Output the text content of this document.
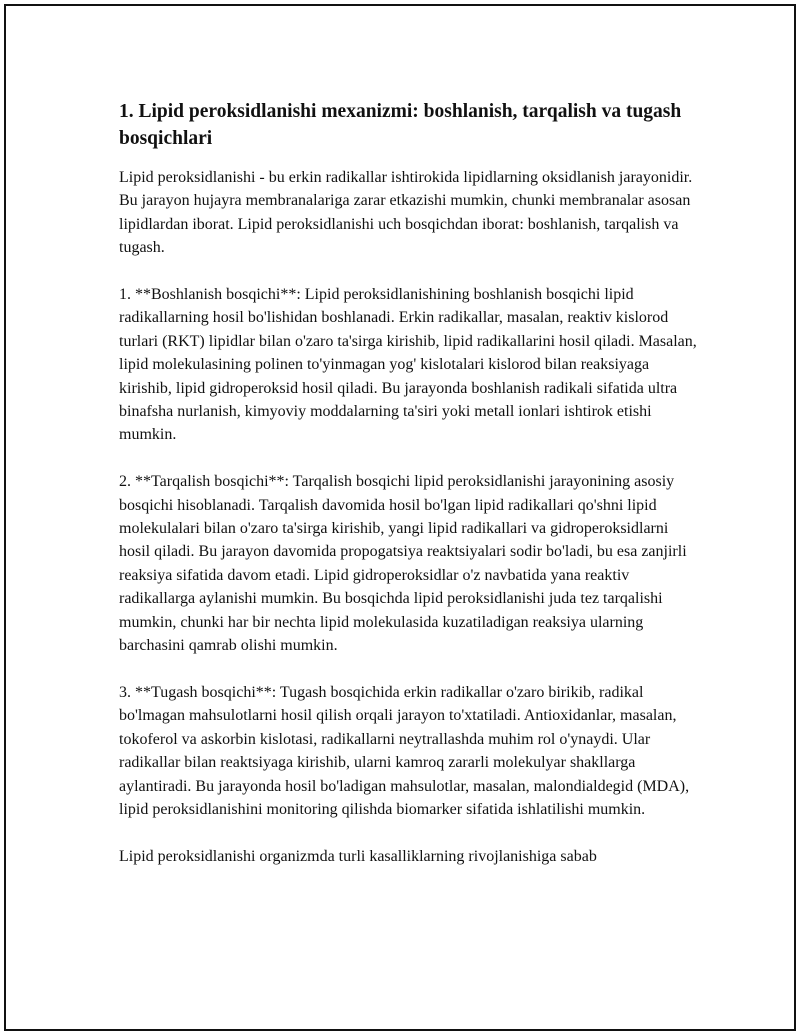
1. Lipid peroksidlanishi mexanizmi: boshlanish, tarqalish va tugash bosqichlari

Lipid peroksidlanishi - bu erkin radikallar ishtirokida lipidlarning oksidlanish jarayonidir. Bu jarayon hujayra membranalariga zarar etkazishi mumkin, chunki membranalar asosan lipidlardan iborat. Lipid peroksidlanishi uch bosqichdan iborat: boshlanish, tarqalish va tugash.

1. **Boshlanish bosqichi**: Lipid peroksidlanishining boshlanish bosqichi lipid radikallarning hosil bo'lishidan boshlanadi. Erkin radikallar, masalan, reaktiv kislorod turlari (RKT) lipidlar bilan o'zaro ta'sirga kirishib, lipid radikallarini hosil qiladi. Masalan, lipid molekulasining polinen to'yinmagan yog' kislotalari kislorod bilan reaksiyaga kirishib, lipid gidroperoksid hosil qiladi. Bu jarayonda boshlanish radikali sifatida ultra binafsha nurlanish, kimyoviy moddalarning ta'siri yoki metall ionlari ishtirok etishi mumkin.

2. **Tarqalish bosqichi**: Tarqalish bosqichi lipid peroksidlanishi jarayonining asosiy bosqichi hisoblanadi. Tarqalish davomida hosil bo'lgan lipid radikallari qo'shni lipid molekulalari bilan o'zaro ta'sirga kirishib, yangi lipid radikallari va gidroperoksidlarni hosil qiladi. Bu jarayon davomida propogatsiya reaktsiyalari sodir bo'ladi, bu esa zanjirli reaksiya sifatida davom etadi. Lipid gidroperoksidlar o'z navbatida yana reaktiv radikallarga aylanishi mumkin. Bu bosqichda lipid peroksidlanishi juda tez tarqalishi mumkin, chunki har bir nechta lipid molekulasida kuzatiladigan reaksiya ularning barchasini qamrab olishi mumkin.

3. **Tugash bosqichi**: Tugash bosqichida erkin radikallar o'zaro birikib, radikal bo'lmagan mahsulotlarni hosil qilish orqali jarayon to'xtatiladi. Antioxidanlar, masalan, tokoferol va askorbin kislotasi, radikallarni neytrallashda muhim rol o'ynaydi. Ular radikallar bilan reaktsiyaga kirishib, ularni kamroq zararli molekulyar shakllarga aylantiradi. Bu jarayonda hosil bo'ladigan mahsulotlar, masalan, malondialdegid (MDA), lipid peroksidlanishini monitoring qilishda biomarker sifatida ishlatilishi mumkin.

Lipid peroksidlanishi organizmda turli kasalliklarning rivojlanishiga sabab
